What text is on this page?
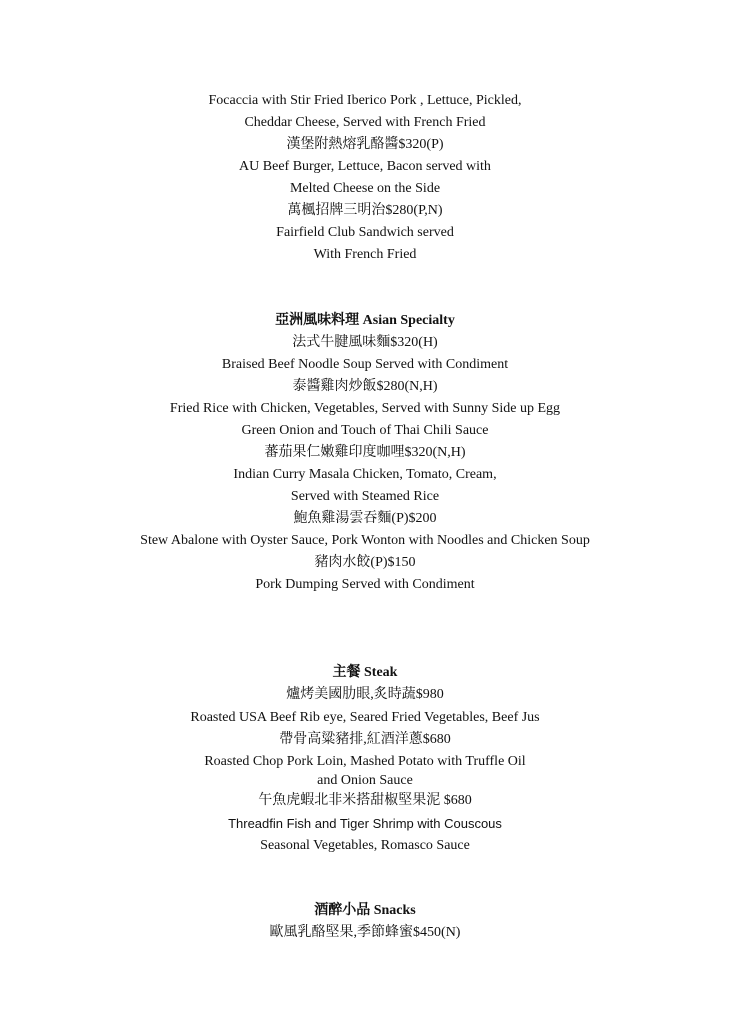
Focaccia with Stir Fried Iberico Pork , Lettuce, Pickled,
Cheddar Cheese, Served with French Fried
漢堡附熱熔乳酪醬$320(P)
AU Beef Burger, Lettuce, Bacon served with
Melted Cheese on the Side
萬楓招牌三明治$280(P,N)
Fairfield Club Sandwich served
With French Fried
亞洲風味料理 Asian Specialty
法式牛腱風味麵$320(H)
Braised Beef Noodle Soup Served with Condiment
泰醬雞肉炒飯$280(N,H)
Fried Rice with Chicken, Vegetables, Served with Sunny Side up Egg
Green Onion and Touch of Thai Chili Sauce
蕃茄果仁嫩雞印度咖哩$320(N,H)
Indian Curry Masala Chicken, Tomato, Cream,
Served with Steamed Rice
鮑魚雞湯雲吞麵(P)$200
Stew Abalone with Oyster Sauce, Pork Wonton with Noodles and Chicken Soup
豬肉水餃(P)$150
Pork Dumping Served with Condiment
主餐 Steak
爐烤美國肋眼,炙時蔬$980
Roasted USA Beef Rib eye, Seared Fried Vegetables, Beef Jus
帶骨高粱豬排,紅酒洋蔥$680
Roasted Chop Pork Loin, Mashed Potato with Truffle Oil
and Onion Sauce
午魚虎蝦北非米搭甜椒堅果泥 $680
Threadfin Fish and Tiger Shrimp with Couscous
Seasonal Vegetables, Romasco Sauce
酒醉小品 Snacks
歐風乳酪堅果,季節蜂蜜$450(N)
